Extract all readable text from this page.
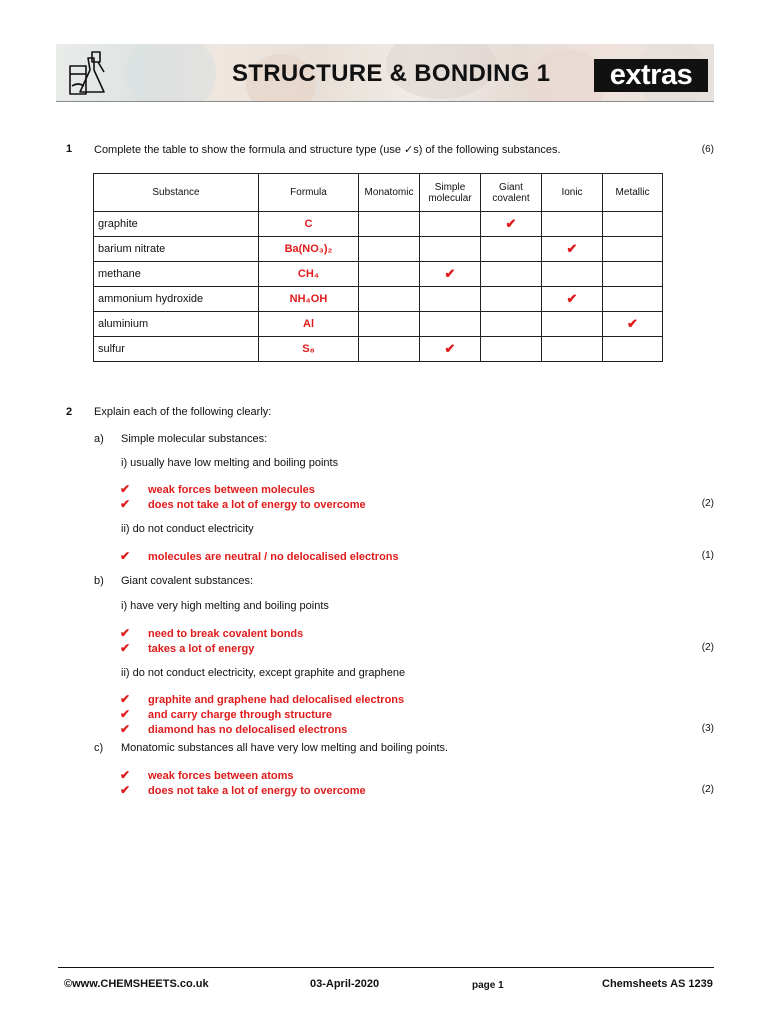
STRUCTURE & BONDING 1	extras
1 Complete the table to show the formula and structure type (use ✓s) of the following substances.	(6)
Substance	Formula	Monatomic	Simple molecular	Giant covalent	Ionic	Metallic
graphite	C			✔		
barium nitrate	Ba(NO₃)₂				✔	
methane	CH₄		✔			
ammonium hydroxide	NH₄OH				✔	
aluminium	Al					✔
sulfur	S₈		✔			
2 Explain each of the following clearly:
a) Simple molecular substances:
i) usually have low melting and boiling points
✔ weak forces between molecules
✔ does not take a lot of energy to overcome	(2)
ii) do not conduct electricity
✔ molecules are neutral / no delocalised electrons	(1)
b) Giant covalent substances:
i) have very high melting and boiling points
✔ need to break covalent bonds
✔ takes a lot of energy	(2)
ii) do not conduct electricity, except graphite and graphene
✔ graphite and graphene had delocalised electrons
✔ and carry charge through structure
✔ diamond has no delocalised electrons	(3)
c) Monatomic substances all have very low melting and boiling points.
✔ weak forces between atoms
✔ does not take a lot of energy to overcome	(2)
©www.CHEMSHEETS.co.uk	03-April-2020	page 1	Chemsheets AS 1239
